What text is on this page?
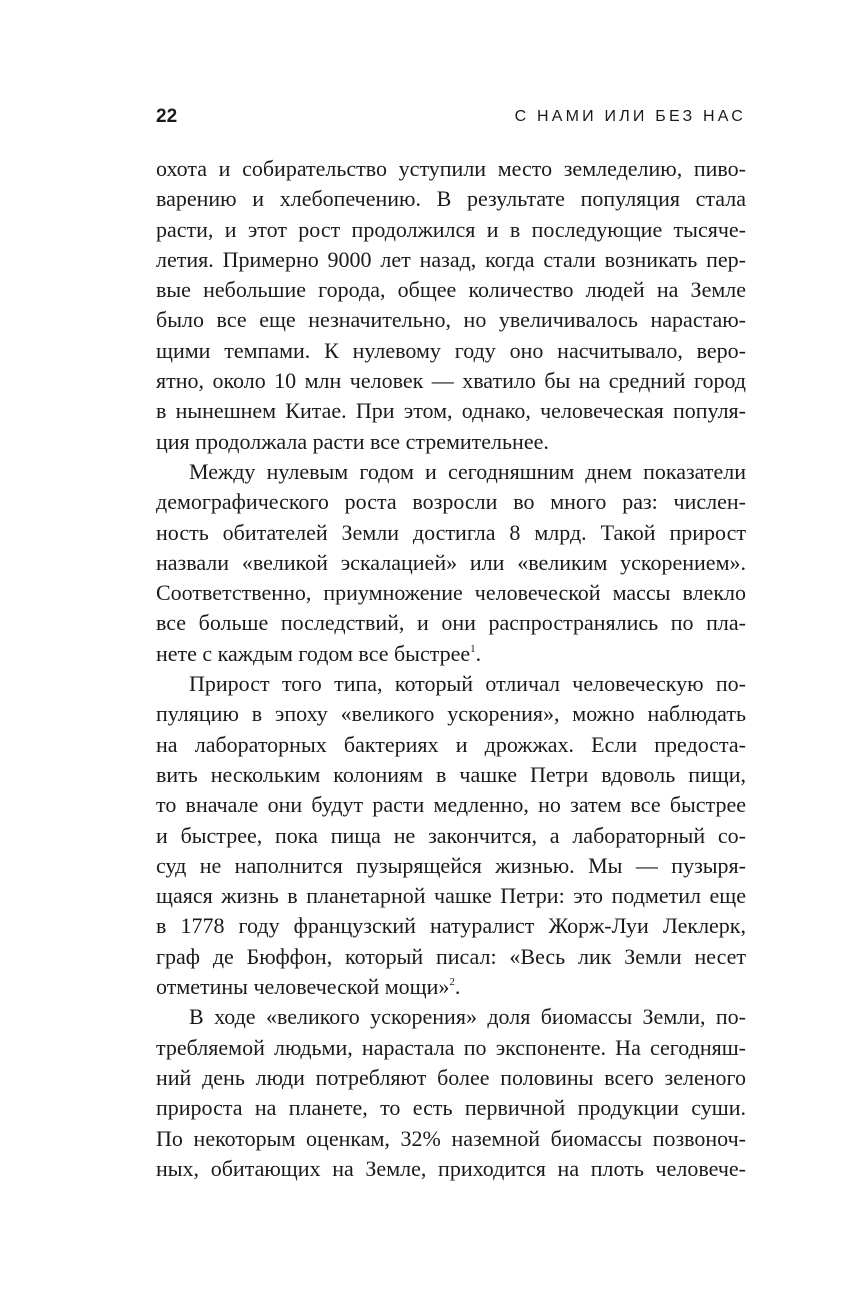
22	С НАМИ ИЛИ БЕЗ НАС
охота и собирательство уступили место земледелию, пиво-
варению и хлебопечению. В результате популяция стала
расти, и этот рост продолжился и в последующие тысяче-
летия. Примерно 9000 лет назад, когда стали возникать пер-
вые небольшие города, общее количество людей на Земле
было все еще незначительно, но увеличивалось нарастаю-
щими темпами. К нулевому году оно насчитывало, веро-
ятно, около 10 млн человек — хватило бы на средний город
в нынешнем Китае. При этом, однако, человеческая популя-
ция продолжала расти все стремительнее.
Между нулевым годом и сегодняшним днем показатели
демографического роста возросли во много раз: числен-
ность обитателей Земли достигла 8 млрд. Такой прирост
назвали «великой эскалацией» или «великим ускорением».
Соответственно, приумножение человеческой массы влекло
все больше последствий, и они распространялись по пла-
нете с каждым годом все быстрее$^1$.
Прирост того типа, который отличал человеческую по-
пуляцию в эпоху «великого ускорения», можно наблюдать
на лабораторных бактериях и дрожжах. Если предоста-
вить нескольким колониям в чашке Петри вдоволь пищи,
то вначале они будут расти медленно, но затем все быстрее
и быстрее, пока пища не закончится, а лабораторный со-
суд не наполнится пузырящейся жизнью. Мы — пузыря-
щаяся жизнь в планетарной чашке Петри: это подметил еще
в 1778 году французский натуралист Жорж-Луи Леклерк,
граф де Бюффон, который писал: «Весь лик Земли несет
отметины человеческой мощи»$^2$.
В ходе «великого ускорения» доля биомассы Земли, по-
требляемой людьми, нарастала по экспоненте. На сегодняш-
ний день люди потребляют более половины всего зеленого
прироста на планете, то есть первичной продукции суши.
По некоторым оценкам, 32% наземной биомассы позвоноч-
ных, обитающих на Земле, приходится на плоть человече-
